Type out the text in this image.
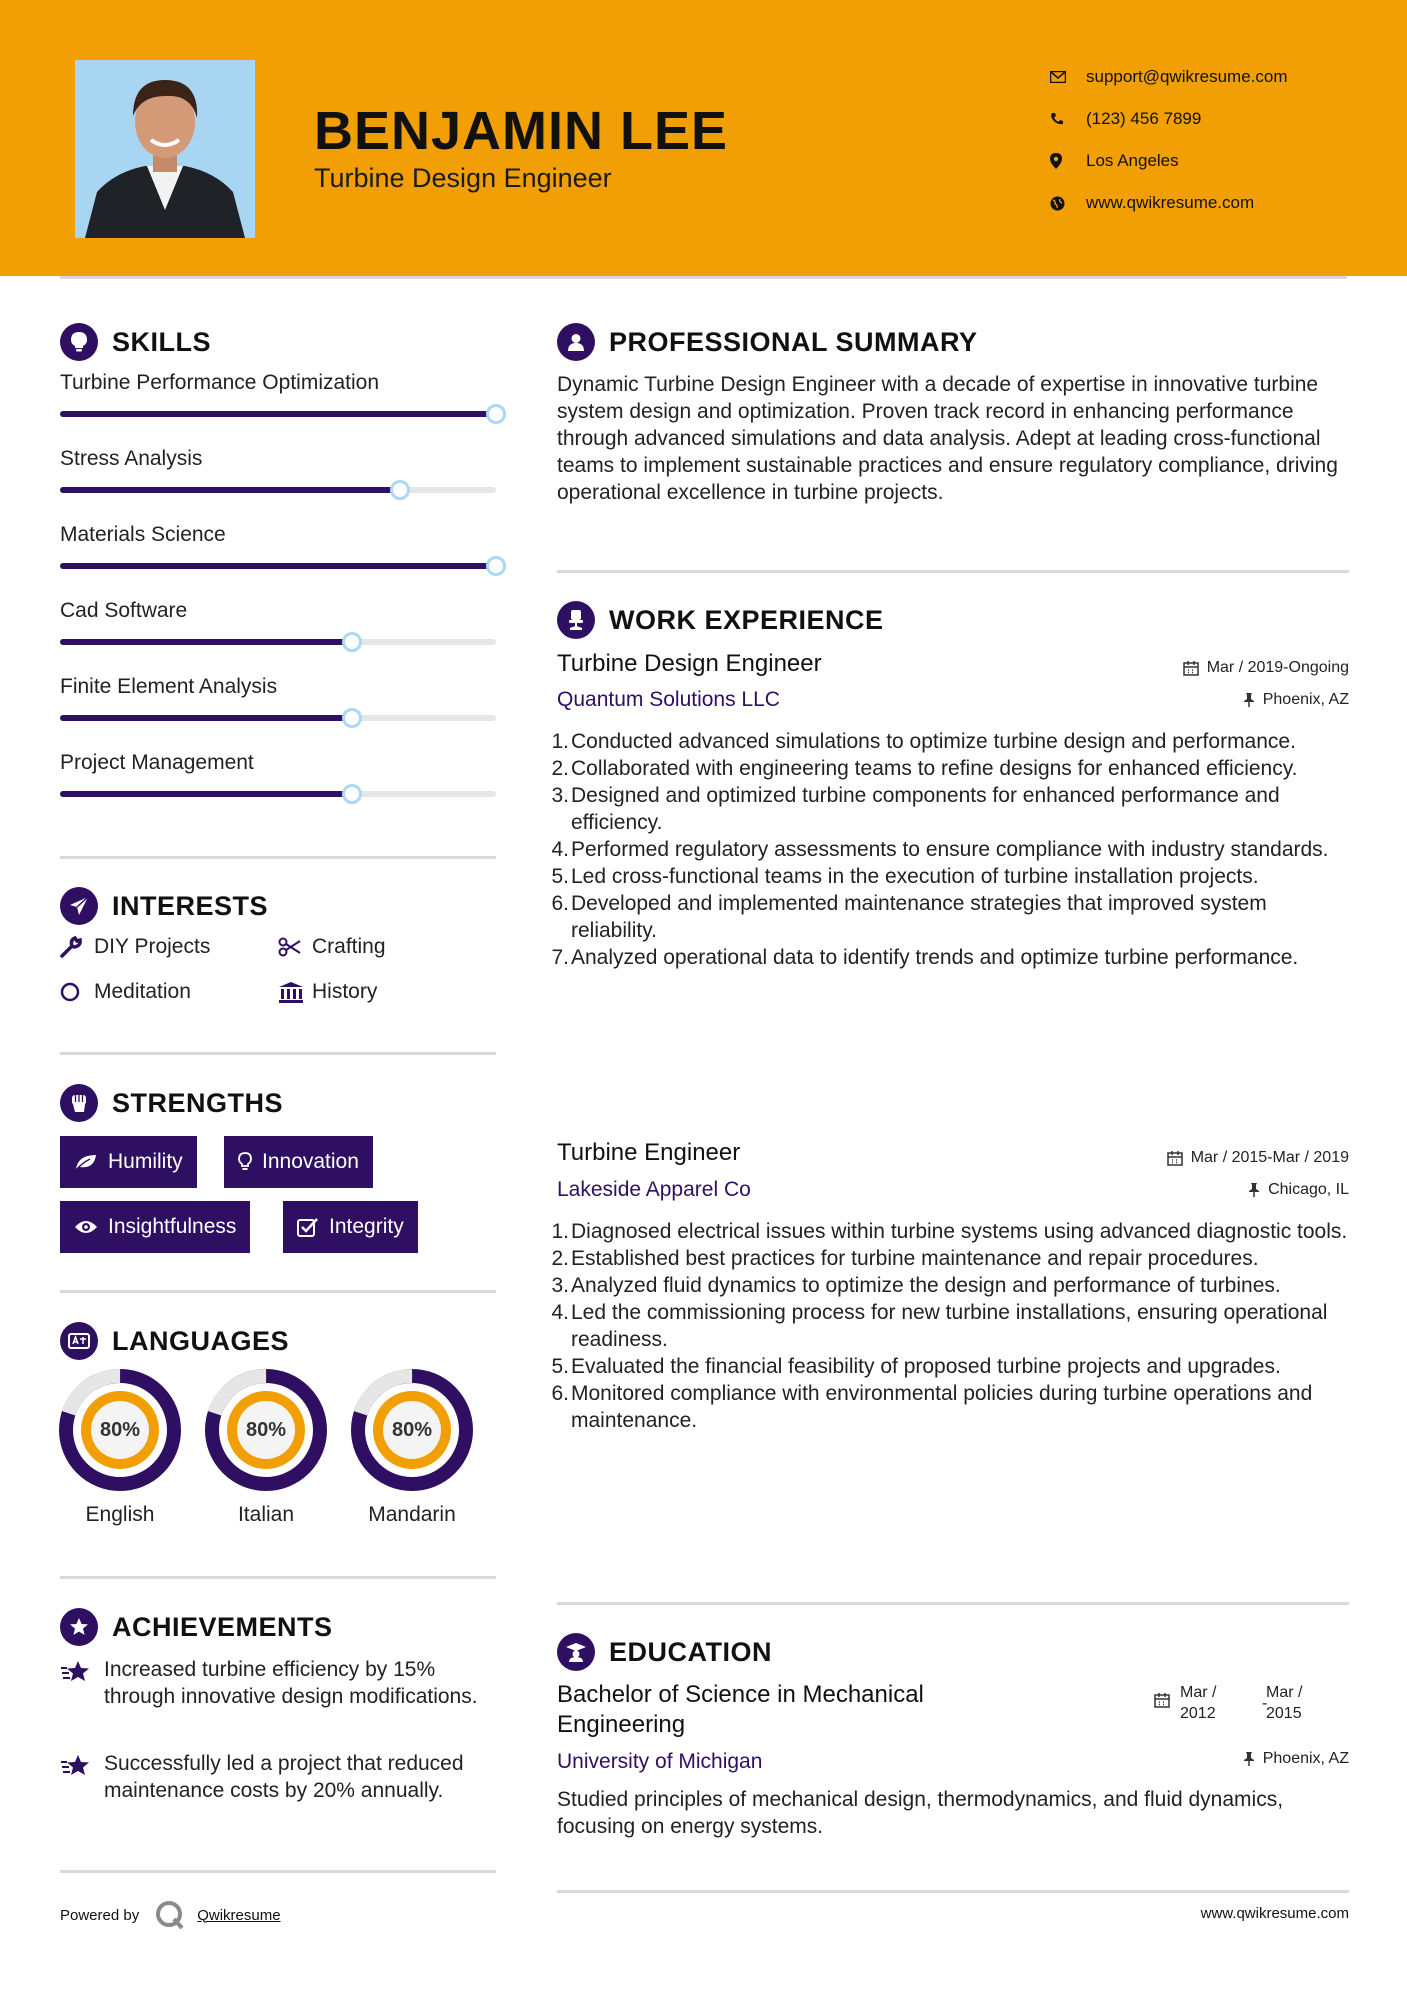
BENJAMIN LEE
Turbine Design Engineer
support@qwikresume.com
(123) 456 7899
Los Angeles
www.qwikresume.com
SKILLS
Turbine Performance Optimization
Stress Analysis
Materials Science
Cad Software
Finite Element Analysis
Project Management
INTERESTS
DIY Projects	Crafting
Meditation	History
STRENGTHS
Humility	Innovation
Insightfulness	Integrity
LANGUAGES
80%
English
80%
Italian
80%
Mandarin
ACHIEVEMENTS
Increased turbine efficiency by 15% through innovative design modifications.
Successfully led a project that reduced maintenance costs by 20% annually.
PROFESSIONAL SUMMARY
Dynamic Turbine Design Engineer with a decade of expertise in innovative turbine system design and optimization. Proven track record in enhancing performance through advanced simulations and data analysis. Adept at leading cross-functional teams to implement sustainable practices and ensure regulatory compliance, driving operational excellence in turbine projects.
WORK EXPERIENCE
Turbine Design Engineer	Mar / 2019-Ongoing
Quantum Solutions LLC	Phoenix, AZ
1. Conducted advanced simulations to optimize turbine design and performance.
2. Collaborated with engineering teams to refine designs for enhanced efficiency.
3. Designed and optimized turbine components for enhanced performance and efficiency.
4. Performed regulatory assessments to ensure compliance with industry standards.
5. Led cross-functional teams in the execution of turbine installation projects.
6. Developed and implemented maintenance strategies that improved system reliability.
7. Analyzed operational data to identify trends and optimize turbine performance.
Turbine Engineer	Mar / 2015-Mar / 2019
Lakeside Apparel Co	Chicago, IL
1. Diagnosed electrical issues within turbine systems using advanced diagnostic tools.
2. Established best practices for turbine maintenance and repair procedures.
3. Analyzed fluid dynamics to optimize the design and performance of turbines.
4. Led the commissioning process for new turbine installations, ensuring operational readiness.
5. Evaluated the financial feasibility of proposed turbine projects and upgrades.
6. Monitored compliance with environmental policies during turbine operations and maintenance.
EDUCATION
Bachelor of Science in Mechanical Engineering
Mar / 2012
-
Mar / 2015
University of Michigan	Phoenix, AZ
Studied principles of mechanical design, thermodynamics, and fluid dynamics, focusing on energy systems.
Powered by	Qwikresume	www.qwikresume.com
